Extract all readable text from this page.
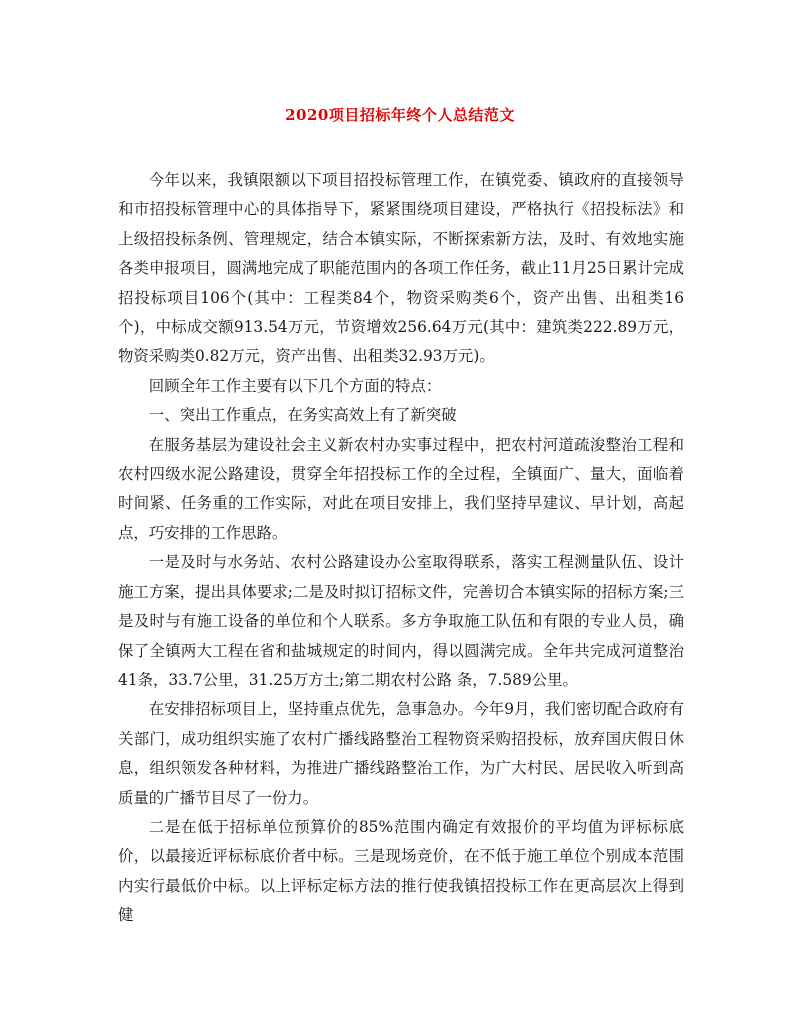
2020项目招标年终个人总结范文

今年以来，我镇限额以下项目招投标管理工作，在镇党委、镇政府的直接领导和市招投标管理中心的具体指导下，紧紧围绕项目建设，严格执行《招投标法》和上级招投标条例、管理规定，结合本镇实际，不断探索新方法，及时、有效地实施各类申报项目，圆满地完成了职能范围内的各项工作任务，截止11月25日累计完成招投标项目106个(其中：工程类84个，物资采购类6个，资产出售、出租类16个)，中标成交额913.54万元，节资增效256.64万元(其中：建筑类222.89万元，物资采购类0.82万元，资产出售、出租类32.93万元)。

回顾全年工作主要有以下几个方面的特点：

一、突出工作重点，在务实高效上有了新突破

在服务基层为建设社会主义新农村办实事过程中，把农村河道疏浚整治工程和农村四级水泥公路建设，贯穿全年招投标工作的全过程，全镇面广、量大，面临着时间紧、任务重的工作实际，对此在项目安排上，我们坚持早建议、早计划，高起点，巧安排的工作思路。

一是及时与水务站、农村公路建设办公室取得联系，落实工程测量队伍、设计施工方案，提出具体要求;二是及时拟订招标文件，完善切合本镇实际的招标方案;三是及时与有施工设备的单位和个人联系。多方争取施工队伍和有限的专业人员，确保了全镇两大工程在省和盐城规定的时间内，得以圆满完成。全年共完成河道整治41条，33.7公里，31.25万方土;第二期农村公路 条，7.589公里。

在安排招标项目上，坚持重点优先，急事急办。今年9月，我们密切配合政府有关部门，成功组织实施了农村广播线路整治工程物资采购招投标，放弃国庆假日休息，组织领发各种材料，为推进广播线路整治工作，为广大村民、居民收入听到高质量的广播节目尽了一份力。

二是在低于招标单位预算价的85%范围内确定有效报价的平均值为评标标底价，以最接近评标标底价者中标。三是现场竞价，在不低于施工单位个别成本范围内实行最低价中标。以上评标定标方法的推行使我镇招投标工作在更高层次上得到健
